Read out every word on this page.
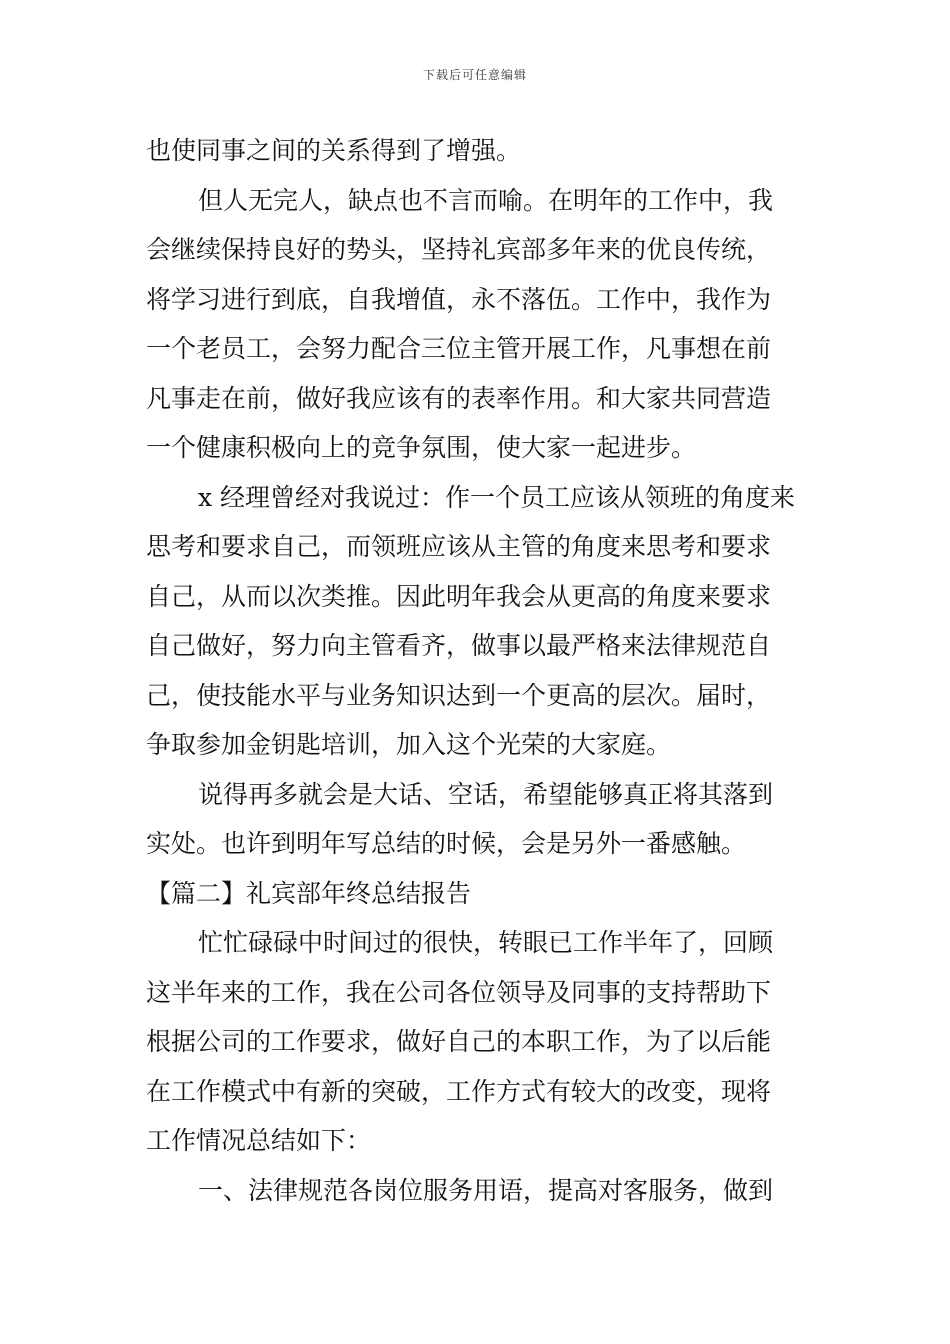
下载后可任意编辑
也使同事之间的关系得到了增强。
但人无完人，缺点也不言而喻。在明年的工作中，我
会继续保持良好的势头，坚持礼宾部多年来的优良传统，
将学习进行到底，自我增值，永不落伍。工作中，我作为
一个老员工，会努力配合三位主管开展工作，凡事想在前
凡事走在前，做好我应该有的表率作用。和大家共同营造
一个健康积极向上的竞争氛围，使大家一起进步。
x 经理曾经对我说过：作一个员工应该从领班的角度来
思考和要求自己，而领班应该从主管的角度来思考和要求
自己，从而以次类推。因此明年我会从更高的角度来要求
自己做好，努力向主管看齐，做事以最严格来法律规范自
己，使技能水平与业务知识达到一个更高的层次。届时，
争取参加金钥匙培训，加入这个光荣的大家庭。
说得再多就会是大话、空话，希望能够真正将其落到
实处。也许到明年写总结的时候，会是另外一番感触。
【篇二】礼宾部年终总结报告
忙忙碌碌中时间过的很快，转眼已工作半年了，回顾
这半年来的工作，我在公司各位领导及同事的支持帮助下
根据公司的工作要求，做好自己的本职工作，为了以后能
在工作模式中有新的突破，工作方式有较大的改变，现将
工作情况总结如下：
一、法律规范各岗位服务用语，提高对客服务，做到
